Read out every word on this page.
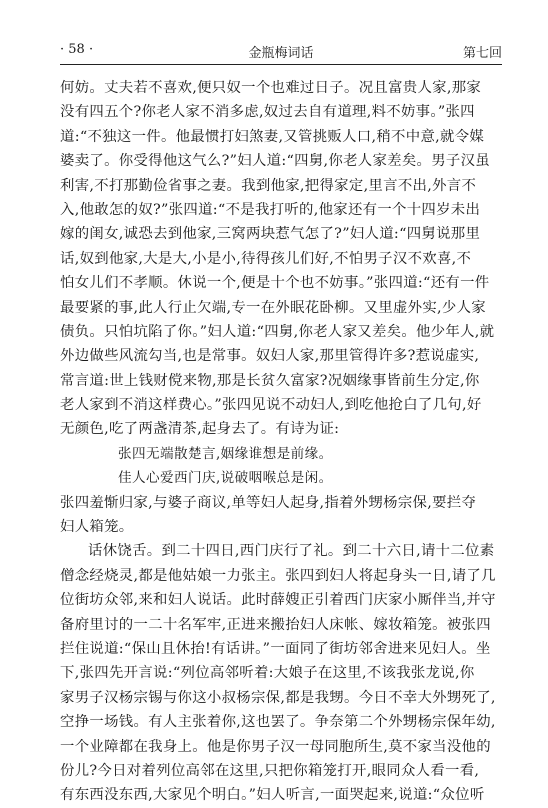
· 58 ·	金瓶梅词话	第七回
何妨。丈夫若不喜欢,便只奴一个也难过日子。况且富贵人家,那家
没有四五个?你老人家不消多虑,奴过去自有道理,料不妨事。”张四
道:“不独这一件。他最惯打妇煞妻,又管挑贩人口,稍不中意,就令媒
婆卖了。你受得他这气么?”妇人道:“四舅,你老人家差矣。男子汉虽
利害,不打那勤俭省事之妻。我到他家,把得家定,里言不出,外言不
入,他敢怎的奴?”张四道:“不是我打听的,他家还有一个十四岁未出
嫁的闺女,诚恐去到他家,三窝两块惹气怎了?”妇人道:“四舅说那里
话,奴到他家,大是大,小是小,待得孩儿们好,不怕男子汉不欢喜,不
怕女儿们不孝顺。休说一个,便是十个也不妨事。”张四道:“还有一件
最要紧的事,此人行止欠端,专一在外眠花卧柳。又里虚外实,少人家
债负。只怕坑陷了你。”妇人道:“四舅,你老人家又差矣。他少年人,就
外边做些风流勾当,也是常事。奴妇人家,那里管得许多?惹说虚实,
常言道:世上钱财傥来物,那是长贫久富家?况姻缘事皆前生分定,你
老人家到不消这样费心。”张四见说不动妇人,到吃他抢白了几句,好
无颜色,吃了两盏清茶,起身去了。有诗为证:
张四无端散楚言,姻缘谁想是前缘。
佳人心爱西门庆,说破咽喉总是闲。
张四羞惭归家,与婆子商议,单等妇人起身,指着外甥杨宗保,要拦夺
妇人箱笼。
话休饶舌。到二十四日,西门庆行了礼。到二十六日,请十二位素
僧念经烧灵,都是他姑娘一力张主。张四到妇人将起身头一日,请了几
位街坊众邻,来和妇人说话。此时薛嫂正引着西门庆家小厮伴当,并守
备府里讨的一二十名军牢,正进来搬抬妇人床帐、嫁妆箱笼。被张四
拦住说道:“保山且休抬!有话讲。”一面同了街坊邻舍进来见妇人。坐
下,张四先开言说:“列位高邻听着:大娘子在这里,不该我张龙说,你
家男子汉杨宗锡与你这小叔杨宗保,都是我甥。今日不幸大外甥死了,
空挣一场钱。有人主张着你,这也罢了。争奈第二个外甥杨宗保年幼,
一个业障都在我身上。他是你男子汉一母同胞所生,莫不家当没他的
份儿?今日对着列位高邻在这里,只把你箱笼打开,眼同众人看一看,
有东西没东西,大家见个明白。”妇人听言,一面哭起来,说道:“众位听
